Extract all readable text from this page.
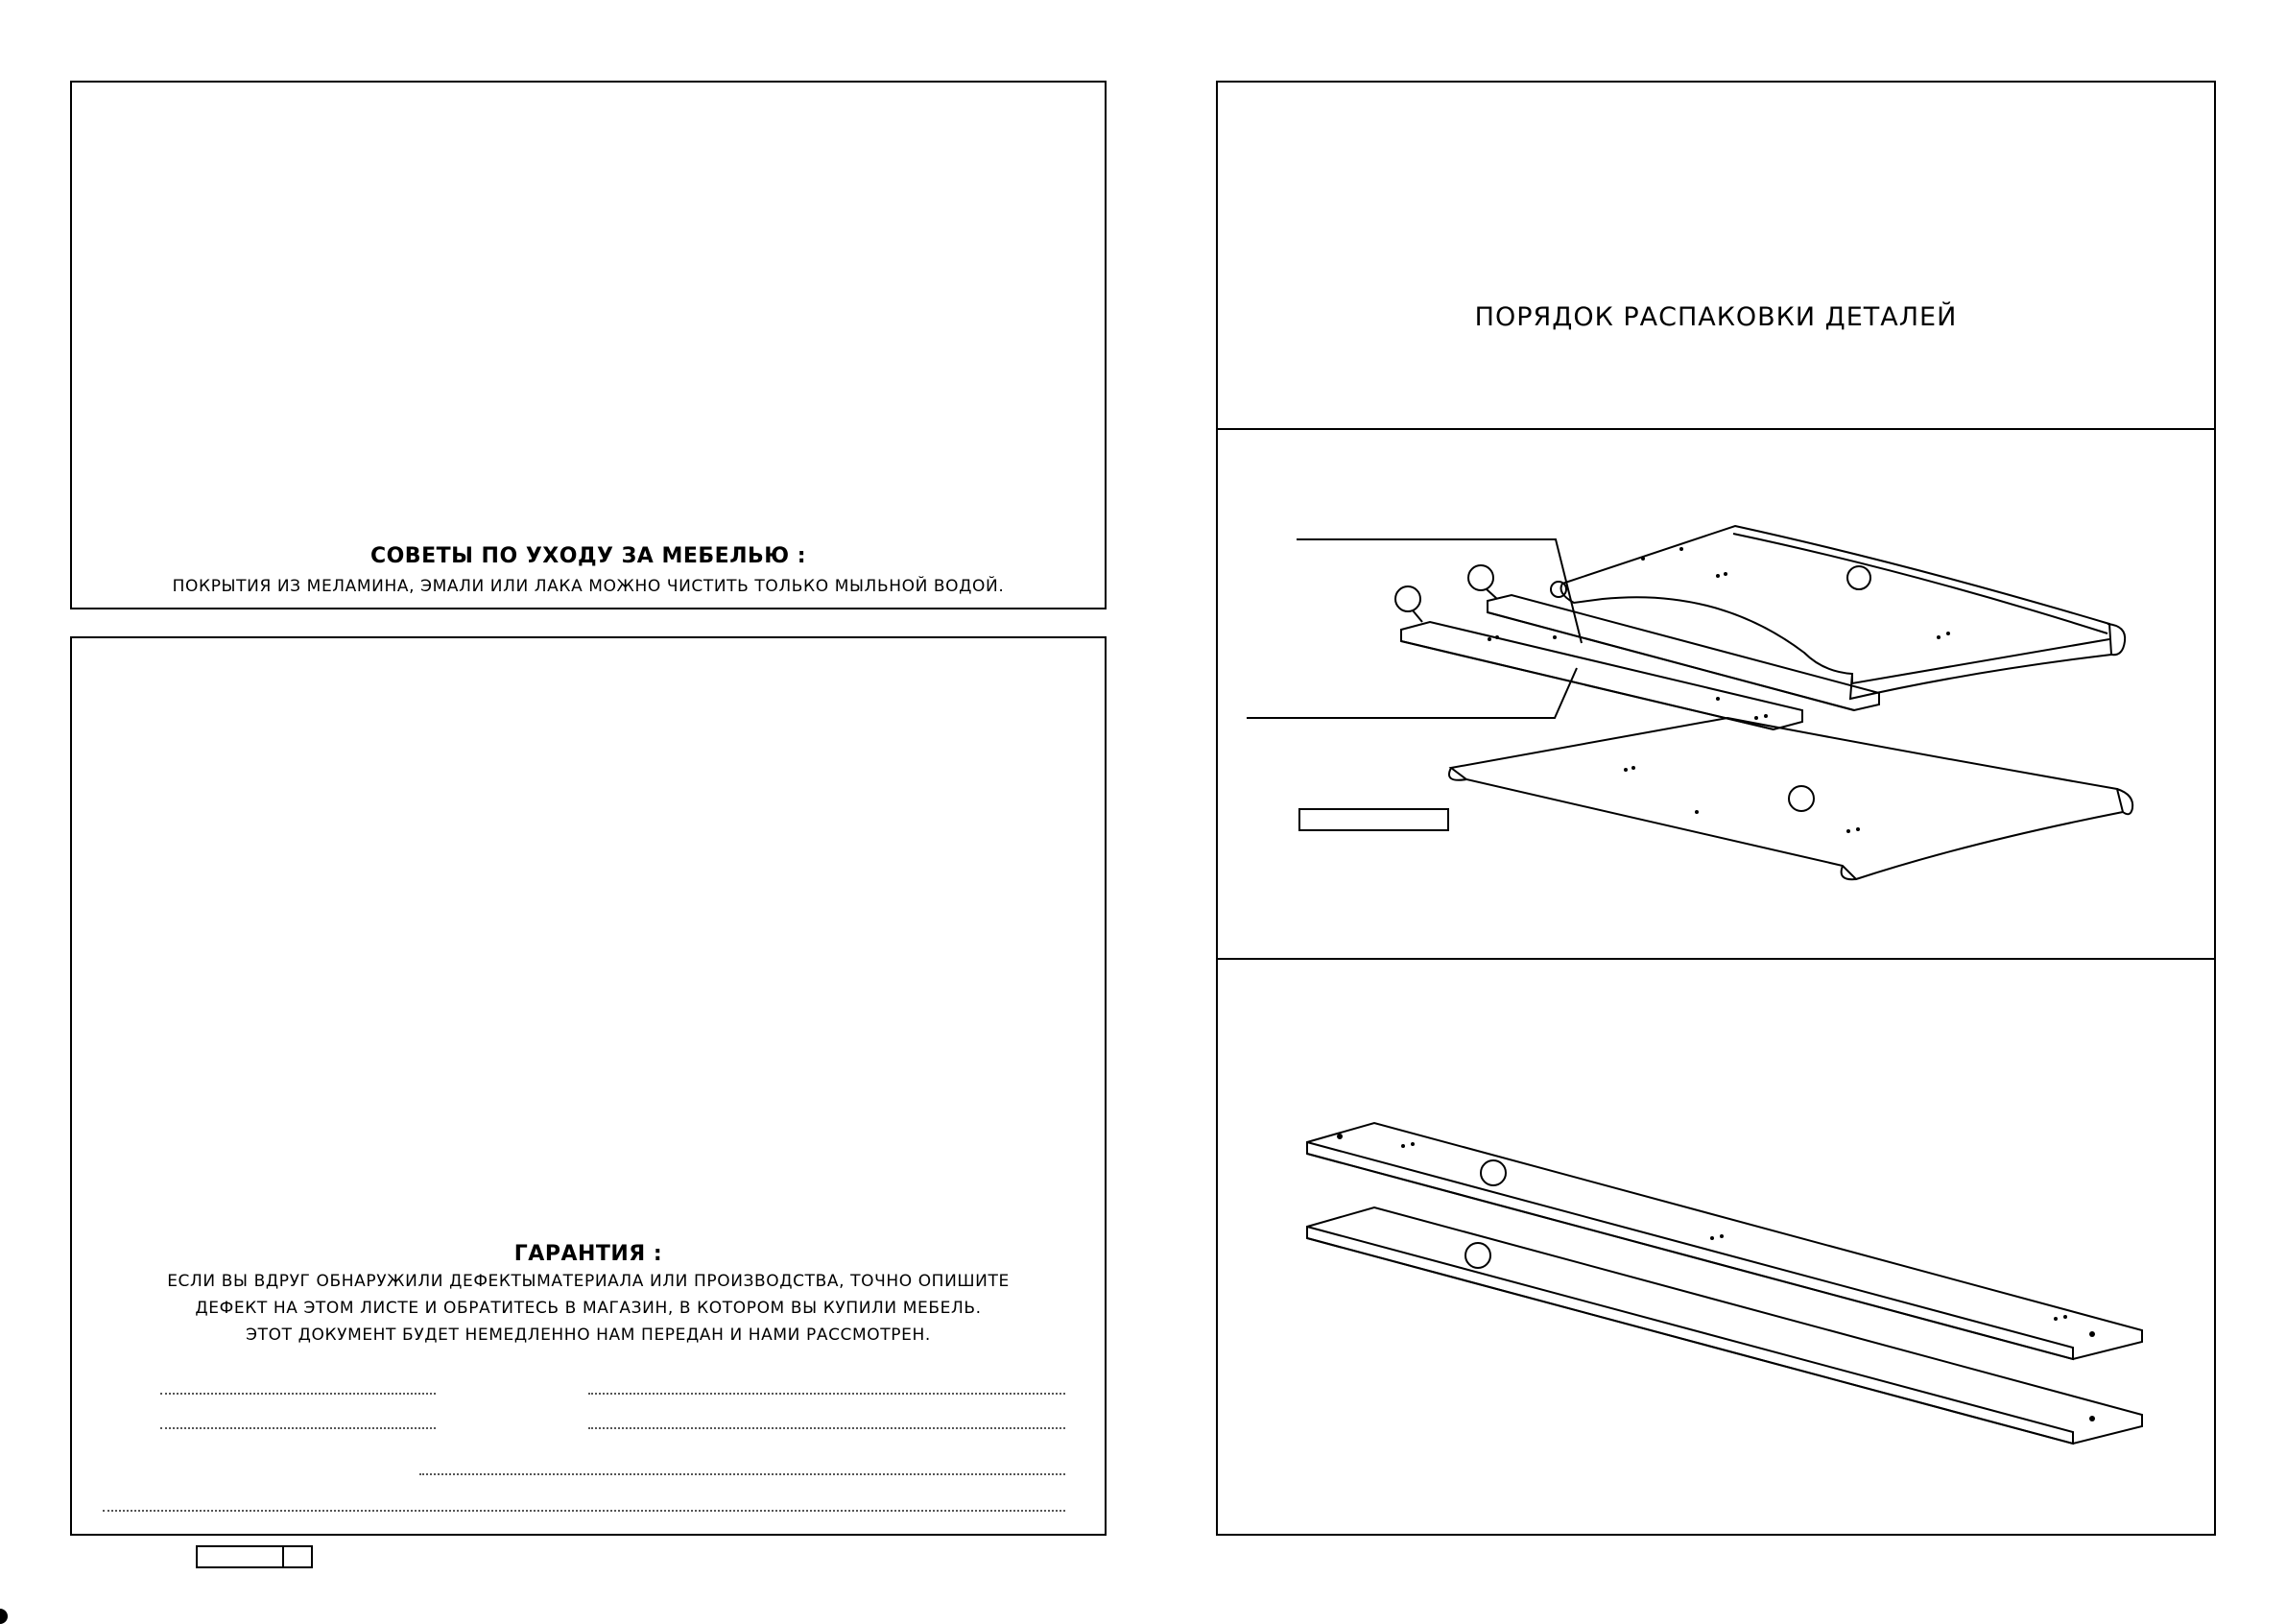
СОВЕТЫ ПО УХОДУ ЗА МЕБЕЛЬЮ :
ПОКРЫТИЯ ИЗ МЕЛАМИНА, ЭМАЛИ ИЛИ ЛАКА МОЖНО ЧИСТИТЬ ТОЛЬКО МЫЛЬНОЙ ВОДОЙ.
ГАРАНТИЯ :
ЕСЛИ ВЫ ВДРУГ ОБНАРУЖИЛИ ДЕФЕКТЫМАТЕРИАЛА ИЛИ ПРОИЗВОДСТВА, ТОЧНО ОПИШИТЕ
ДЕФЕКТ НА ЭТОМ ЛИСТЕ И ОБРАТИТЕСЬ В МАГАЗИН, В КОТОРОМ ВЫ КУПИЛИ МЕБЕЛЬ.
ЭТОТ ДОКУМЕНТ БУДЕТ НЕМЕДЛЕННО НАМ ПЕРЕДАН И НАМИ РАССМОТРЕН.
ПОРЯДОК РАСПАКОВКИ ДЕТАЛЕЙ
